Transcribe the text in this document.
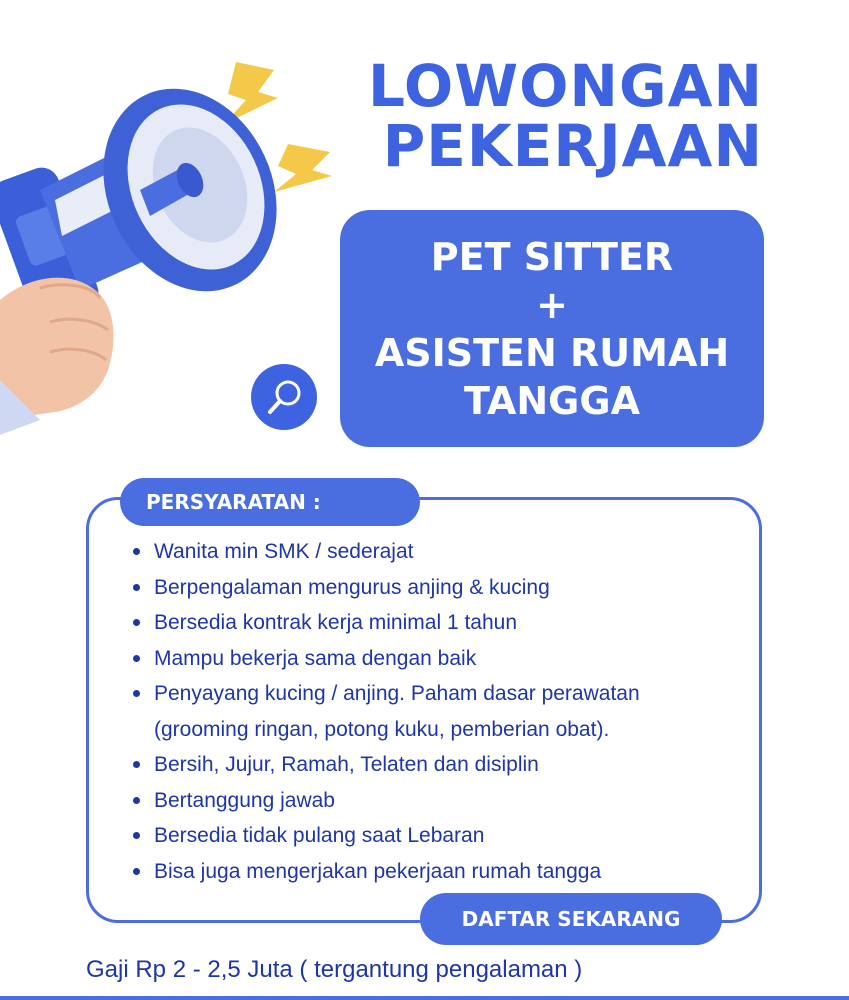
LOWONGAN
PEKERJAAN
PET SITTER
+
ASISTEN RUMAH
TANGGA
PERSYARATAN :
Wanita min SMK / sederajat
Berpengalaman mengurus anjing & kucing
Bersedia kontrak kerja minimal 1 tahun
Mampu bekerja sama dengan baik
Penyayang kucing / anjing. Paham dasar perawatan
(grooming ringan, potong kuku, pemberian obat).
Bersih, Jujur, Ramah, Telaten dan disiplin
Bertanggung jawab
Bersedia tidak pulang saat Lebaran
Bisa juga mengerjakan pekerjaan rumah tangga
DAFTAR SEKARANG
Gaji Rp 2 - 2,5 Juta ( tergantung pengalaman )
